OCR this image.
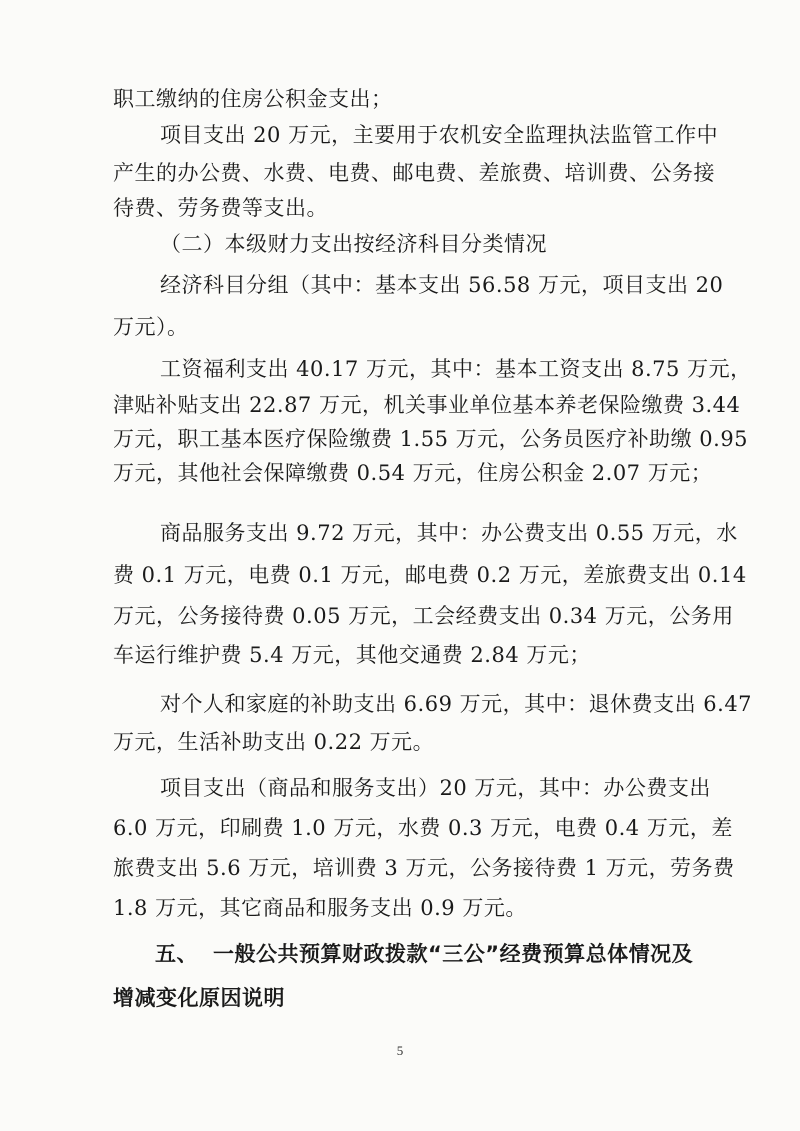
职工缴纳的住房公积金支出；
项目支出 20 万元，主要用于农机安全监理执法监管工作中
产生的办公费、水费、电费、邮电费、差旅费、培训费、公务接
待费、劳务费等支出。
（二）本级财力支出按经济科目分类情况
经济科目分组（其中：基本支出 56.58 万元，项目支出 20
万元）。
工资福利支出 40.17 万元，其中：基本工资支出 8.75 万元，
津贴补贴支出 22.87 万元，机关事业单位基本养老保险缴费 3.44
万元，职工基本医疗保险缴费 1.55 万元，公务员医疗补助缴 0.95
万元，其他社会保障缴费 0.54 万元，住房公积金 2.07 万元；
商品服务支出 9.72 万元，其中：办公费支出 0.55 万元，水
费 0.1 万元，电费 0.1 万元，邮电费 0.2 万元，差旅费支出 0.14
万元，公务接待费 0.05 万元，工会经费支出 0.34 万元，公务用
车运行维护费 5.4 万元，其他交通费 2.84 万元；
对个人和家庭的补助支出 6.69 万元，其中：退休费支出 6.47
万元，生活补助支出 0.22 万元。
项目支出（商品和服务支出）20 万元，其中：办公费支出
6.0 万元，印刷费 1.0 万元，水费 0.3 万元，电费 0.4 万元，差
旅费支出 5.6 万元，培训费 3 万元，公务接待费 1 万元，劳务费
1.8 万元，其它商品和服务支出 0.9 万元。
五、 一般公共预算财政拨款“三公”经费预算总体情况及
增减变化原因说明
5
